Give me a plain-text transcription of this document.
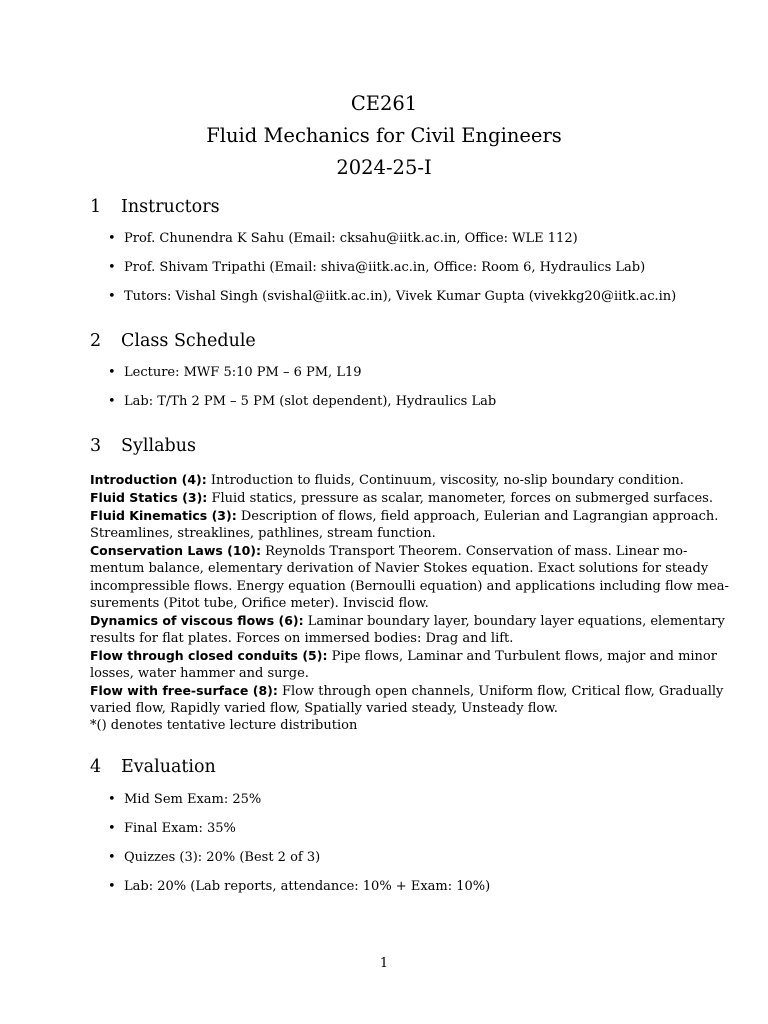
CE261
Fluid Mechanics for Civil Engineers
2024-25-I
1 Instructors
• Prof. Chunendra K Sahu (Email: cksahu@iitk.ac.in, Office: WLE 112)
• Prof. Shivam Tripathi (Email: shiva@iitk.ac.in, Office: Room 6, Hydraulics Lab)
• Tutors: Vishal Singh (svishal@iitk.ac.in), Vivek Kumar Gupta (vivekkg20@iitk.ac.in)
2 Class Schedule
• Lecture: MWF 5:10 PM – 6 PM, L19
• Lab: T/Th 2 PM – 5 PM (slot dependent), Hydraulics Lab
3 Syllabus
Introduction (4): Introduction to fluids, Continuum, viscosity, no-slip boundary condition.
Fluid Statics (3): Fluid statics, pressure as scalar, manometer, forces on submerged surfaces.
Fluid Kinematics (3): Description of flows, field approach, Eulerian and Lagrangian approach.
Streamlines, streaklines, pathlines, stream function.
Conservation Laws (10): Reynolds Transport Theorem. Conservation of mass. Linear mo-
mentum balance, elementary derivation of Navier Stokes equation. Exact solutions for steady
incompressible flows. Energy equation (Bernoulli equation) and applications including flow mea-
surements (Pitot tube, Orifice meter). Inviscid flow.
Dynamics of viscous flows (6): Laminar boundary layer, boundary layer equations, elementary
results for flat plates. Forces on immersed bodies: Drag and lift.
Flow through closed conduits (5): Pipe flows, Laminar and Turbulent flows, major and minor
losses, water hammer and surge.
Flow with free-surface (8): Flow through open channels, Uniform flow, Critical flow, Gradually
varied flow, Rapidly varied flow, Spatially varied steady, Unsteady flow.
*() denotes tentative lecture distribution
4 Evaluation
• Mid Sem Exam: 25%
• Final Exam: 35%
• Quizzes (3): 20% (Best 2 of 3)
• Lab: 20% (Lab reports, attendance: 10% + Exam: 10%)
1
